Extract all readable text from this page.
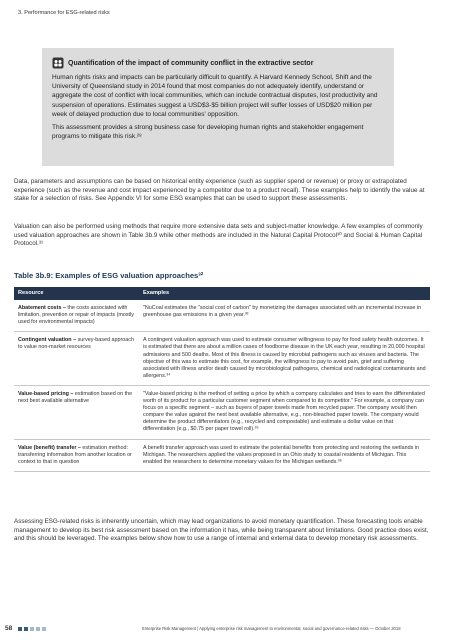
3. Performance for ESG-related risks
Quantification of the impact of community conflict in the extractive sector

Human rights risks and impacts can be particularly difficult to quantify. A Harvard Kennedy School, Shift and the University of Queensland study in 2014 found that most companies do not adequately identify, understand or aggregate the cost of conflict with local communities, which can include contractual disputes, lost productivity and suspension of operations. Estimates suggest a USD$3-$5 billion project will suffer losses of USD$20 million per week of delayed production due to local communities' opposition.

This assessment provides a strong business case for developing human rights and stakeholder engagement programs to mitigate this risk.²⁸

Data, parameters and assumptions can be based on historical entity experience (such as supplier spend or revenue) or proxy or extrapolated experience (such as the revenue and cost impact experienced by a competitor due to a product recall). These examples help to identify the value at stake for a selection of risks. See Appendix VI for some ESG examples that can be used to support these assessments.

Valuation can also be performed using methods that require more extensive data sets and subject-matter knowledge. A few examples of commonly used valuation approaches are shown in Table 3b.9 while other methods are included in the Natural Capital Protocol³⁰ and Social & Human Capital Protocol.³¹

Table 3b.9: Examples of ESG valuation approaches³²
Resource	Examples
Abatement costs – the costs associated with limitation, prevention or repair of impacts (mostly used for environmental impacts)	"NuCoal estimates the "social cost of carbon" by monetizing the damages associated with an incremental increase in greenhouse gas emissions in a given year.³³
Contingent valuation – survey-based approach to value non-market resources	A contingent valuation approach was used to estimate consumer willingness to pay for food safety health outcomes. It is estimated that there are about a million cases of foodborne disease in the UK each year, resulting in 20,000 hospital admissions and 500 deaths. Most of this illness is caused by microbial pathogens such as viruses and bacteria. The objective of this was to estimate this cost, for example, the willingness to pay to avoid pain, grief and suffering associated with illness and/or death caused by microbiological pathogens, chemical and radiological contaminants and allergens.³⁴
Value-based pricing – estimation based on the next best available alternative	"Value-based pricing is the method of setting a price by which a company calculates and tries to earn the differentiated worth of its product for a particular customer segment when compared to its competitor." For example, a company can focus on a specific segment – such as buyers of paper towels made from recycled paper. The company would then compare the value against the next best available alternative, e.g., non-bleached paper towels. The company would determine the product differentiators (e.g., recycled and compostable) and estimate a dollar value on that differentiation (e.g., $0.75 per paper towel roll).³⁵
Value (benefit) transfer – estimation method: transferring information from another location or context to that in question	A benefit transfer approach was used to estimate the potential benefits from protecting and restoring the wetlands in Michigan. The researchers applied the values proposed in an Ohio study to coastal residents of Michigan. This enabled the researchers to determine monetary values for the Michigan wetlands.³⁶

Assessing ESG-related risks is inherently uncertain, which may lead organizations to avoid monetary quantification. These forecasting tools enable management to develop its best risk assessment based on the information it has, while being transparent about limitations. Good practice does exist, and this should be leveraged. The examples below show how to use a range of internal and external data to develop monetary risk assessments.

58	Enterprise Risk Management | Applying enterprise risk management to environmental, social and governance-related risks — October 2018
